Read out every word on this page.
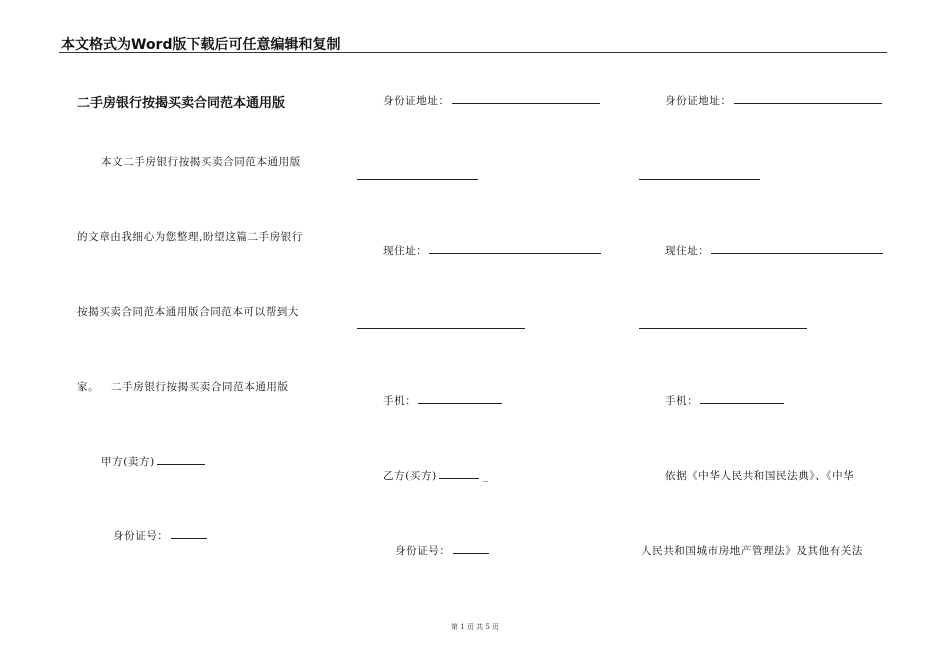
本文格式为Word版下载后可任意编辑和复制
二手房银行按揭买卖合同范本通用版
本文二手房银行按揭买卖合同范本通用版
的文章由我细心为您整理,盼望这篇二手房银行
按揭买卖合同范本通用版合同范本可以帮到大
家。   二手房银行按揭买卖合同范本通用版
甲方(卖方)
身份证号：
身份证地址：
现住址：
手机：
乙方(买方)	_
身份证号：
身份证地址：
现住址：
手机：
依据《中华人民共和国民法典》、《中华
人民共和国城市房地产管理法》及其他有关法
第 1 页 共 5 页
